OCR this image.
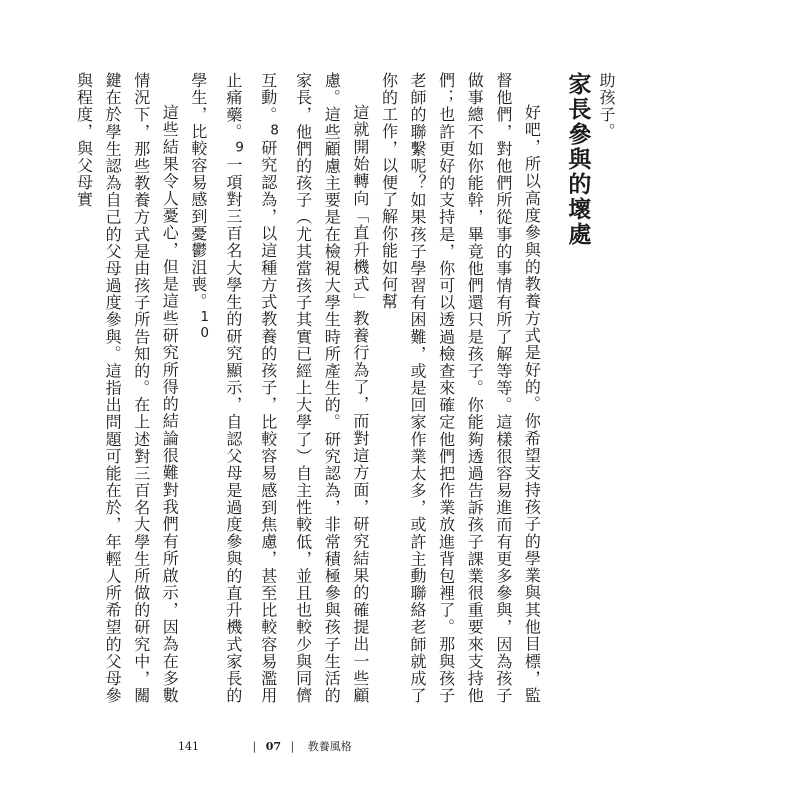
助孩子。

家長參與的壞處

好吧，所以高度參與的教養方式是好的。你希望支持孩子的學業與其他目標，監督他們，對他們所從事的事情有所了解等等。這樣很容易進而有更多參與，因為孩子做事總不如你能幹，畢竟他們還只是孩子。你能夠透過告訴孩子課業很重要來支持他們；也許更好的支持是，你可以透過檢查來確定他們把作業放進背包裡了。那與孩子老師的聯繫呢？如果孩子學習有困難，或是回家作業太多，或許主動聯絡老師就成了你的工作，以便了解你能如何幫

這就開始轉向「直升機式」教養行為了，而對這方面，研究結果的確提出一些顧慮。這些顧慮主要是在檢視大學生時所產生的。研究認為，非常積極參與孩子生活的家長，他們的孩子（尤其當孩子其實已經上大學了）自主性較低，並且也較少與同儕互動。$^8$研究認為，以這種方式教養的孩子，比較容易感到焦慮，甚至比較容易濫用止痛藥。$^9$一項對三百名大學生的研究顯示，自認父母是過度參與的直升機式家長的學生，比較容易感到憂鬱沮喪。$^{10}$

這些結果令人憂心，但是這些研究所得的結論很難對我們有所啟示，因為在多數情況下，那些教養方式是由孩子所告知的。在上述對三百名大學生所做的研究中，關鍵在於學生認為自己的父母過度參與。這指出問題可能在於，年輕人所希望的父母參與程度，與父母實

141	| 07 | 教養風格
